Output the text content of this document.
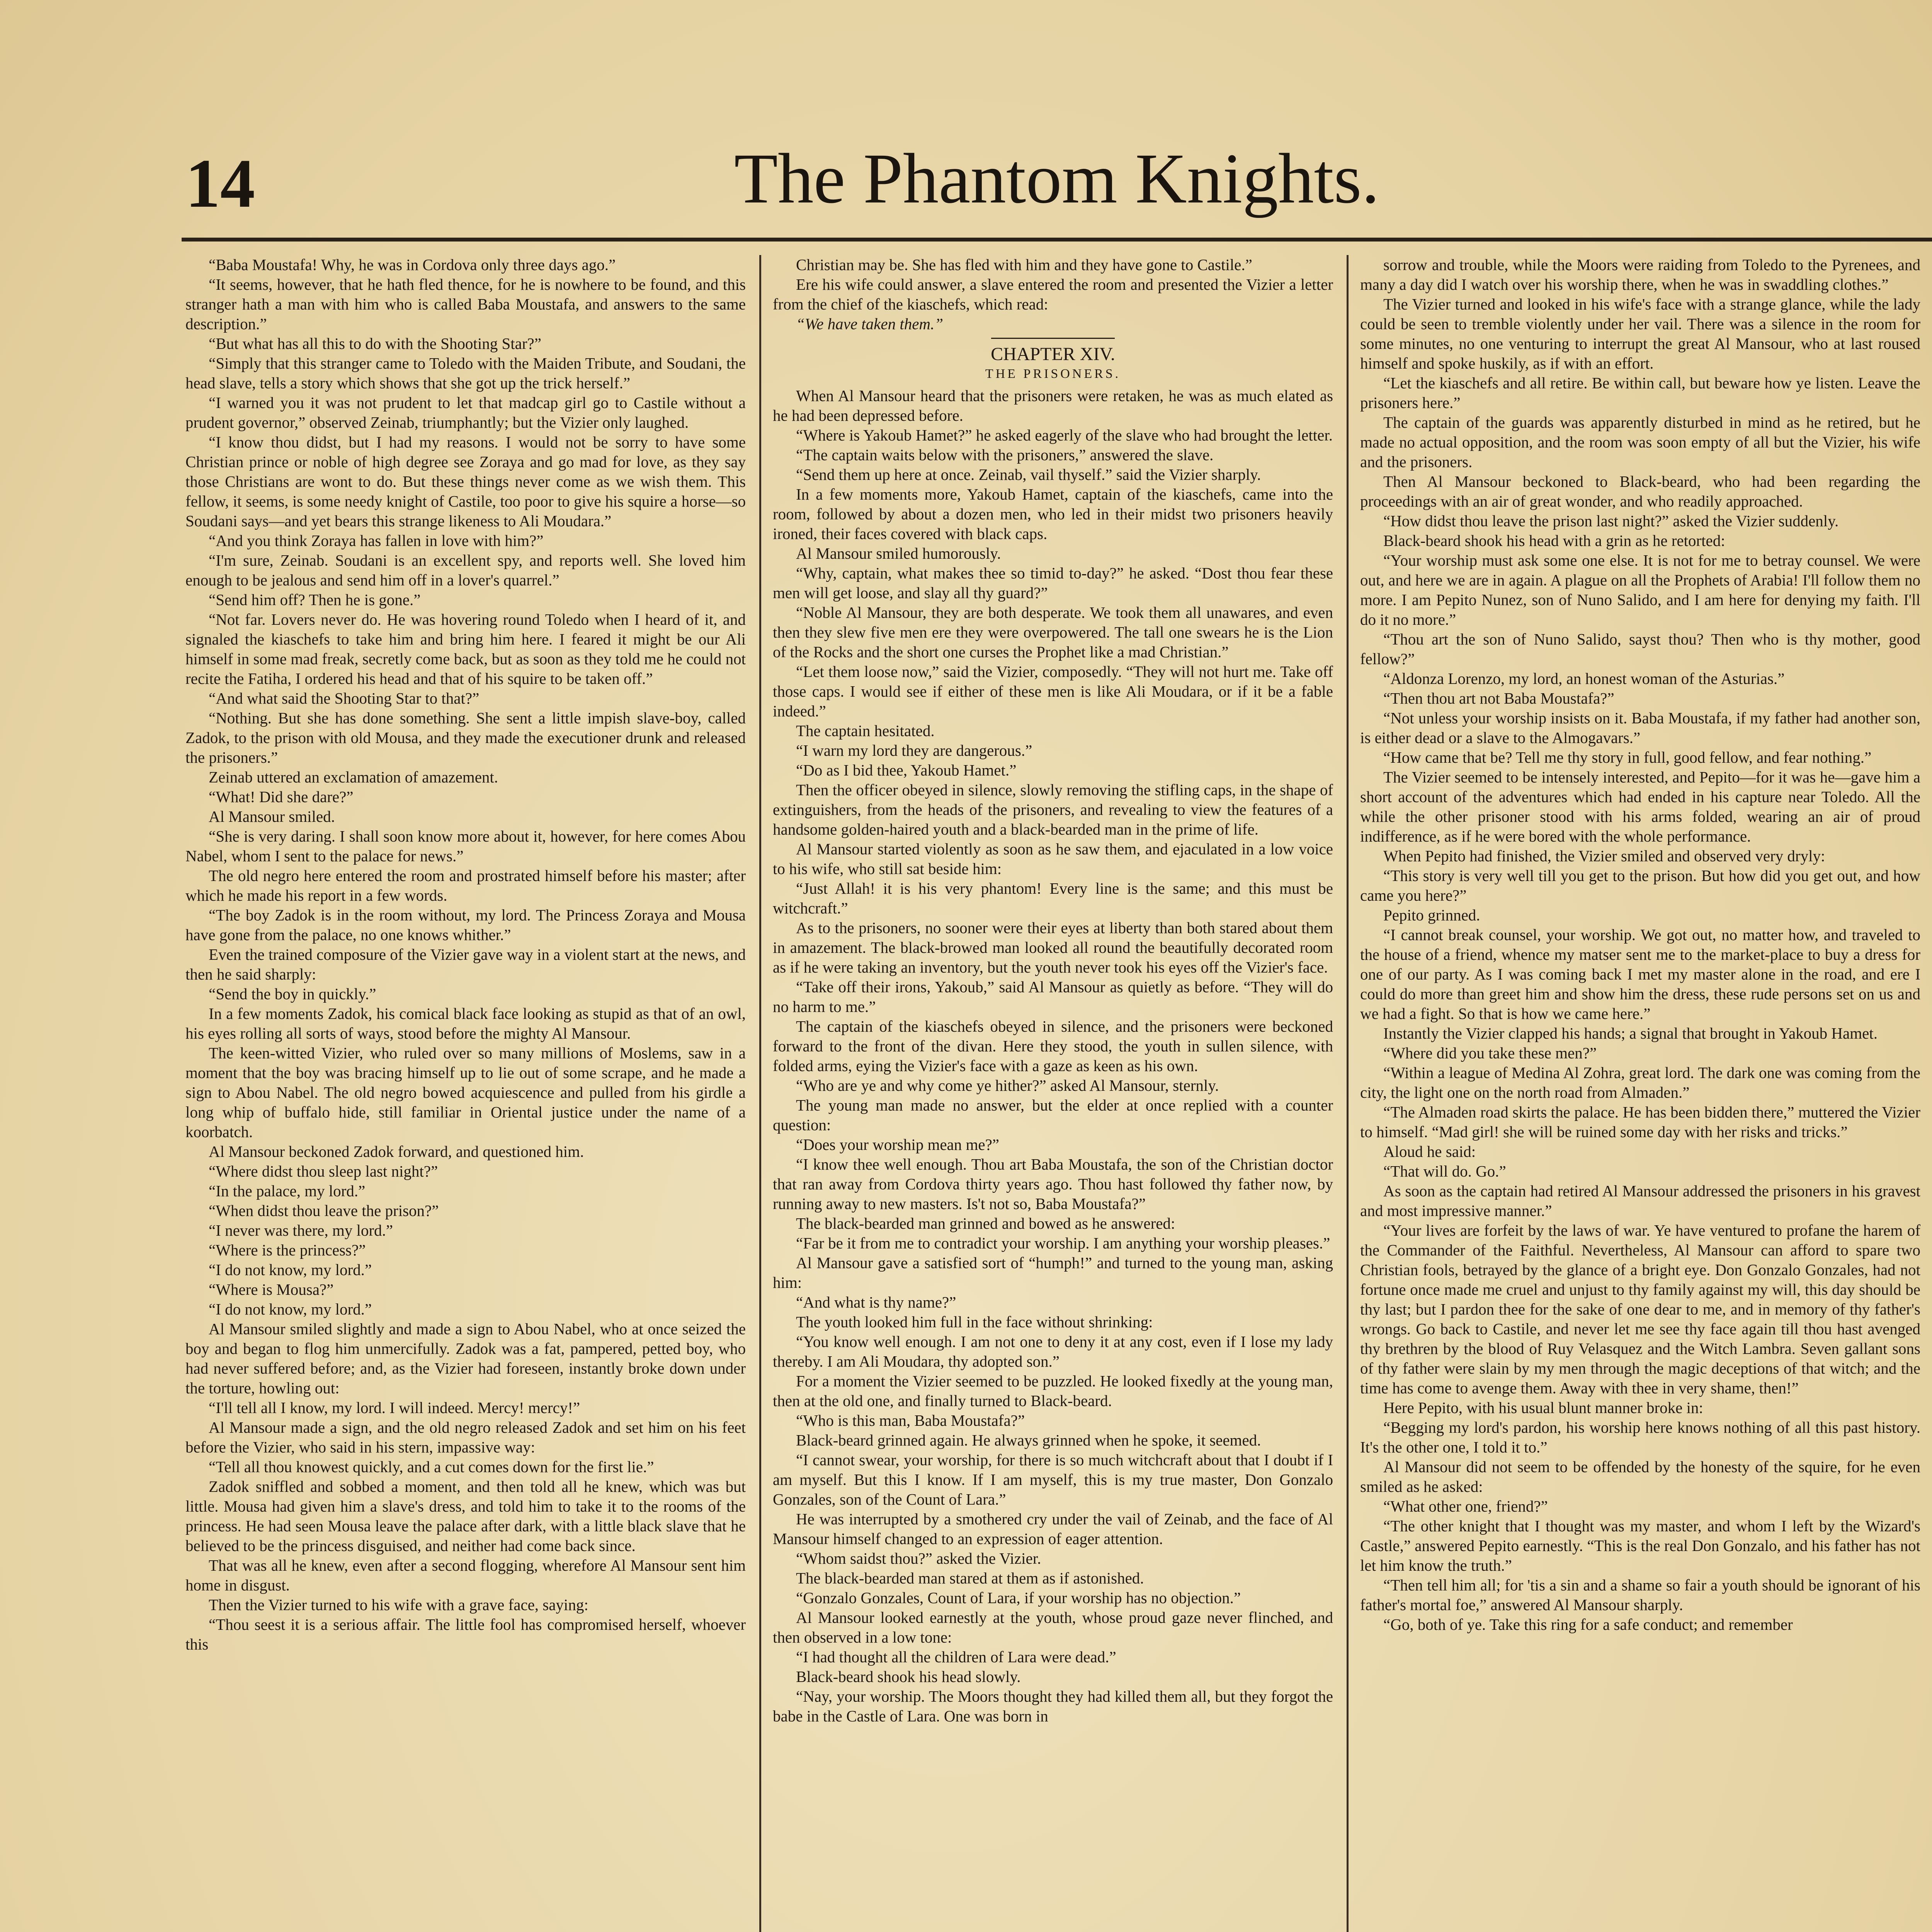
14	The Phantom Knights.

“Baba Moustafa! Why, he was in Cordova only three days ago.”

“It seems, however, that he hath fled thence, for he is nowhere to be found, and this stranger hath a man with him who is called Baba Moustafa, and answers to the same description.”

“But what has all this to do with the Shooting Star?”

“Simply that this stranger came to Toledo with the Maiden Tribute, and Soudani, the head slave, tells a story which shows that she got up the trick herself.”

“I warned you it was not prudent to let that madcap girl go to Castile without a prudent governor,” observed Zeinab, triumphantly; but the Vizier only laughed.

“I know thou didst, but I had my reasons. I would not be sorry to have some Christian prince or noble of high degree see Zoraya and go mad for love, as they say those Christians are wont to do. But these things never come as we wish them. This fellow, it seems, is some needy knight of Castile, too poor to give his squire a horse—so Soudani says—and yet bears this strange likeness to Ali Moudara.”

“And you think Zoraya has fallen in love with him?”

“I'm sure, Zeinab. Soudani is an excellent spy, and reports well. She loved him enough to be jealous and send him off in a lover's quarrel.”

“Send him off? Then he is gone.”

“Not far. Lovers never do. He was hovering round Toledo when I heard of it, and signaled the kiaschefs to take him and bring him here. I feared it might be our Ali himself in some mad freak, secretly come back, but as soon as they told me he could not recite the Fatiha, I ordered his head and that of his squire to be taken off.”

“And what said the Shooting Star to that?”

“Nothing. But she has done something. She sent a little impish slave-boy, called Zadok, to the prison with old Mousa, and they made the executioner drunk and released the prisoners.”

Zeinab uttered an exclamation of amazement.

“What! Did she dare?”

Al Mansour smiled.

“She is very daring. I shall soon know more about it, however, for here comes Abou Nabel, whom I sent to the palace for news.”

The old negro here entered the room and prostrated himself before his master; after which he made his report in a few words.

“The boy Zadok is in the room without, my lord. The Princess Zoraya and Mousa have gone from the palace, no one knows whither.”

Even the trained composure of the Vizier gave way in a violent start at the news, and then he said sharply:

“Send the boy in quickly.”

In a few moments Zadok, his comical black face looking as stupid as that of an owl, his eyes rolling all sorts of ways, stood before the mighty Al Mansour.

The keen-witted Vizier, who ruled over so many millions of Moslems, saw in a moment that the boy was bracing himself up to lie out of some scrape, and he made a sign to Abou Nabel. The old negro bowed acquiescence and pulled from his girdle a long whip of buffalo hide, still familiar in Oriental justice under the name of a koorbatch.

Al Mansour beckoned Zadok forward, and questioned him.

“Where didst thou sleep last night?”

“In the palace, my lord.”

“When didst thou leave the prison?”

“I never was there, my lord.”

“Where is the princess?”

“I do not know, my lord.”

“Where is Mousa?”

“I do not know, my lord.”

Al Mansour smiled slightly and made a sign to Abou Nabel, who at once seized the boy and began to flog him unmercifully. Zadok was a fat, pampered, petted boy, who had never suffered before; and, as the Vizier had foreseen, instantly broke down under the torture, howling out:

“I'll tell all I know, my lord. I will indeed. Mercy! mercy!”

Al Mansour made a sign, and the old negro released Zadok and set him on his feet before the Vizier, who said in his stern, impassive way:

“Tell all thou knowest quickly, and a cut comes down for the first lie.”

Zadok sniffled and sobbed a moment, and then told all he knew, which was but little. Mousa had given him a slave's dress, and told him to take it to the rooms of the princess. He had seen Mousa leave the palace after dark, with a little black slave that he believed to be the princess disguised, and neither had come back since.

That was all he knew, even after a second flogging, wherefore Al Mansour sent him home in disgust.

Then the Vizier turned to his wife with a grave face, saying:

“Thou seest it is a serious affair. The little fool has compromised herself, whoever this

Christian may be. She has fled with him and they have gone to Castile.”

Ere his wife could answer, a slave entered the room and presented the Vizier a letter from the chief of the kiaschefs, which read:

“We have taken them.”

CHAPTER XIV.
THE PRISONERS.

When Al Mansour heard that the prisoners were retaken, he was as much elated as he had been depressed before.

“Where is Yakoub Hamet?” he asked eagerly of the slave who had brought the letter.

“The captain waits below with the prisoners,” answered the slave.

“Send them up here at once. Zeinab, vail thyself.” said the Vizier sharply.

In a few moments more, Yakoub Hamet, captain of the kiaschefs, came into the room, followed by about a dozen men, who led in their midst two prisoners heavily ironed, their faces covered with black caps.

Al Mansour smiled humorously.

“Why, captain, what makes thee so timid to-day?” he asked. “Dost thou fear these men will get loose, and slay all thy guard?”

“Noble Al Mansour, they are both desperate. We took them all unawares, and even then they slew five men ere they were overpowered. The tall one swears he is the Lion of the Rocks and the short one curses the Prophet like a mad Christian.”

“Let them loose now,” said the Vizier, composedly. “They will not hurt me. Take off those caps. I would see if either of these men is like Ali Moudara, or if it be a fable indeed.”

The captain hesitated.

“I warn my lord they are dangerous.”

“Do as I bid thee, Yakoub Hamet.”

Then the officer obeyed in silence, slowly removing the stifling caps, in the shape of extinguishers, from the heads of the prisoners, and revealing to view the features of a handsome golden-haired youth and a black-bearded man in the prime of life.

Al Mansour started violently as soon as he saw them, and ejaculated in a low voice to his wife, who still sat beside him:

“Just Allah! it is his very phantom! Every line is the same; and this must be witchcraft.”

As to the prisoners, no sooner were their eyes at liberty than both stared about them in amazement. The black-browed man looked all round the beautifully decorated room as if he were taking an inventory, but the youth never took his eyes off the Vizier's face.

“Take off their irons, Yakoub,” said Al Mansour as quietly as before. “They will do no harm to me.”

The captain of the kiaschefs obeyed in silence, and the prisoners were beckoned forward to the front of the divan. Here they stood, the youth in sullen silence, with folded arms, eying the Vizier's face with a gaze as keen as his own.

“Who are ye and why come ye hither?” asked Al Mansour, sternly.

The young man made no answer, but the elder at once replied with a counter question:

“Does your worship mean me?”

“I know thee well enough. Thou art Baba Moustafa, the son of the Christian doctor that ran away from Cordova thirty years ago. Thou hast followed thy father now, by running away to new masters. Is't not so, Baba Moustafa?”

The black-bearded man grinned and bowed as he answered:

“Far be it from me to contradict your worship. I am anything your worship pleases.”

Al Mansour gave a satisfied sort of “humph!” and turned to the young man, asking him:

“And what is thy name?”

The youth looked him full in the face without shrinking:

“You know well enough. I am not one to deny it at any cost, even if I lose my lady thereby. I am Ali Moudara, thy adopted son.”

For a moment the Vizier seemed to be puzzled. He looked fixedly at the young man, then at the old one, and finally turned to Black-beard.

“Who is this man, Baba Moustafa?”

Black-beard grinned again. He always grinned when he spoke, it seemed.

“I cannot swear, your worship, for there is so much witchcraft about that I doubt if I am myself. But this I know. If I am myself, this is my true master, Don Gonzalo Gonzales, son of the Count of Lara.”

He was interrupted by a smothered cry under the vail of Zeinab, and the face of Al Mansour himself changed to an expression of eager attention.

“Whom saidst thou?” asked the Vizier.

The black-bearded man stared at them as if astonished.

“Gonzalo Gonzales, Count of Lara, if your worship has no objection.”

Al Mansour looked earnestly at the youth, whose proud gaze never flinched, and then observed in a low tone:

“I had thought all the children of Lara were dead.”

Black-beard shook his head slowly.

“Nay, your worship. The Moors thought they had killed them all, but they forgot the babe in the Castle of Lara. One was born in

sorrow and trouble, while the Moors were raiding from Toledo to the Pyrenees, and many a day did I watch over his worship there, when he was in swaddling clothes.”

The Vizier turned and looked in his wife's face with a strange glance, while the lady could be seen to tremble violently under her vail. There was a silence in the room for some minutes, no one venturing to interrupt the great Al Mansour, who at last roused himself and spoke huskily, as if with an effort.

“Let the kiaschefs and all retire. Be within call, but beware how ye listen. Leave the prisoners here.”

The captain of the guards was apparently disturbed in mind as he retired, but he made no actual opposition, and the room was soon empty of all but the Vizier, his wife and the prisoners.

Then Al Mansour beckoned to Black-beard, who had been regarding the proceedings with an air of great wonder, and who readily approached.

“How didst thou leave the prison last night?” asked the Vizier suddenly.

Black-beard shook his head with a grin as he retorted:

“Your worship must ask some one else. It is not for me to betray counsel. We were out, and here we are in again. A plague on all the Prophets of Arabia! I'll follow them no more. I am Pepito Nunez, son of Nuno Salido, and I am here for denying my faith. I'll do it no more.”

“Thou art the son of Nuno Salido, sayst thou? Then who is thy mother, good fellow?”

“Aldonza Lorenzo, my lord, an honest woman of the Asturias.”

“Then thou art not Baba Moustafa?”

“Not unless your worship insists on it. Baba Moustafa, if my father had another son, is either dead or a slave to the Almogavars.”

“How came that be? Tell me thy story in full, good fellow, and fear nothing.”

The Vizier seemed to be intensely interested, and Pepito—for it was he—gave him a short account of the adventures which had ended in his capture near Toledo. All the while the other prisoner stood with his arms folded, wearing an air of proud indifference, as if he were bored with the whole performance.

When Pepito had finished, the Vizier smiled and observed very dryly:

“This story is very well till you get to the prison. But how did you get out, and how came you here?”

Pepito grinned.

“I cannot break counsel, your worship. We got out, no matter how, and traveled to the house of a friend, whence my matser sent me to the market-place to buy a dress for one of our party. As I was coming back I met my master alone in the road, and ere I could do more than greet him and show him the dress, these rude persons set on us and we had a fight. So that is how we came here.”

Instantly the Vizier clapped his hands; a signal that brought in Yakoub Hamet.

“Where did you take these men?”

“Within a league of Medina Al Zohra, great lord. The dark one was coming from the city, the light one on the north road from Almaden.”

“The Almaden road skirts the palace. He has been bidden there,” muttered the Vizier to himself. “Mad girl! she will be ruined some day with her risks and tricks.”

Aloud he said:

“That will do. Go.”

As soon as the captain had retired Al Mansour addressed the prisoners in his gravest and most impressive manner.”

“Your lives are forfeit by the laws of war. Ye have ventured to profane the harem of the Commander of the Faithful. Nevertheless, Al Mansour can afford to spare two Christian fools, betrayed by the glance of a bright eye. Don Gonzalo Gonzales, had not fortune once made me cruel and unjust to thy family against my will, this day should be thy last; but I pardon thee for the sake of one dear to me, and in memory of thy father's wrongs. Go back to Castile, and never let me see thy face again till thou hast avenged thy brethren by the blood of Ruy Velasquez and the Witch Lambra. Seven gallant sons of thy father were slain by my men through the magic deceptions of that witch; and the time has come to avenge them. Away with thee in very shame, then!”

Here Pepito, with his usual blunt manner broke in:

“Begging my lord's pardon, his worship here knows nothing of all this past history. It's the other one, I told it to.”

Al Mansour did not seem to be offended by the honesty of the squire, for he even smiled as he asked:

“What other one, friend?”

“The other knight that I thought was my master, and whom I left by the Wizard's Castle,” answered Pepito earnestly. “This is the real Don Gonzalo, and his father has not let him know the truth.”

“Then tell him all; for 'tis a sin and a shame so fair a youth should be ignorant of his father's mortal foe,” answered Al Mansour sharply.

“Go, both of ye. Take this ring for a safe conduct; and remember
